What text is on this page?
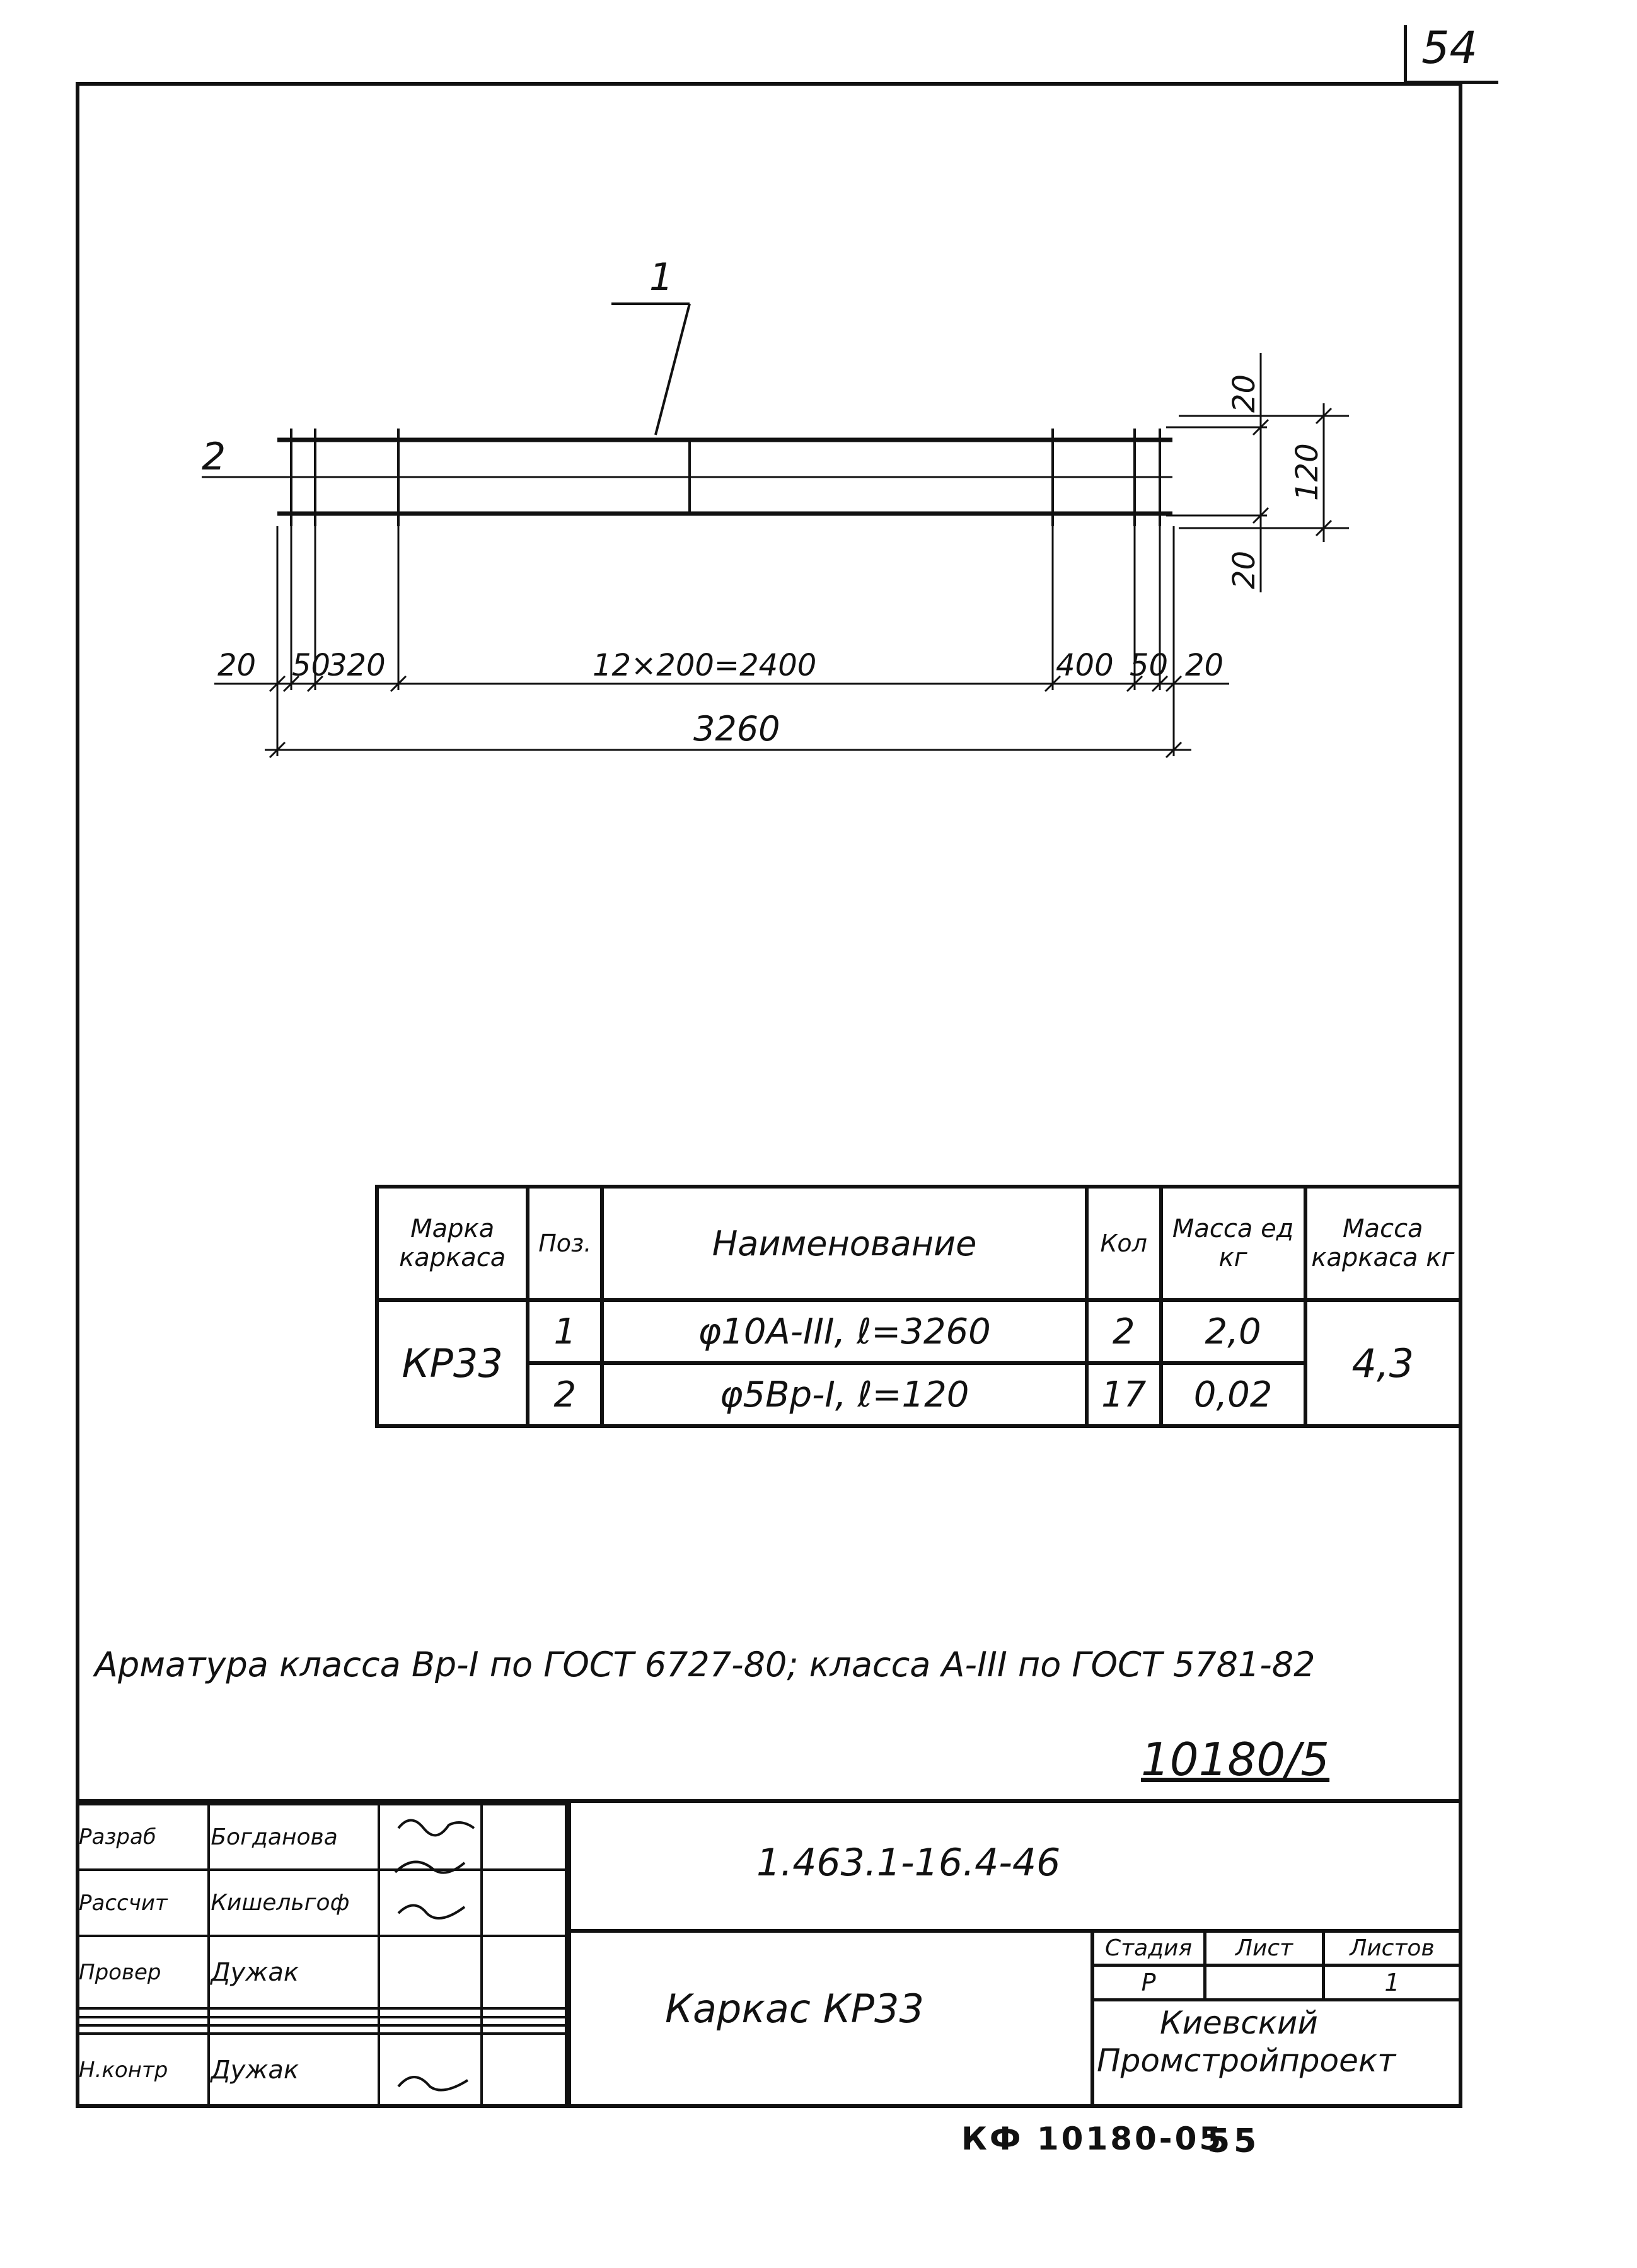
54
1
2
20 50
320	12×200=2400	400 50 20
3260
20
120
20
Марка каркаса	Поз.	Наименование	Кол	Масса ед кг	Масса каркаса кг
КР33	1	φ10A-III, ℓ=3260	2	2,0	4,3
	2	φ5Bp-I, ℓ=120	17	0,02	
Арматура класса Bp-I по ГОСТ 6727-80; класса A-III по ГОСТ 5781-82
10180/5
Разраб	Богданова		
Рассчит	Кишельгоф		
Провер	Дужак		

Н.контр	Дужак		
1.463.1-16.4-46
Каркас КР33
Стадия	Лист	Листов
Р		1
Киевский
Промстройпроект
КФ 10180-05
55
